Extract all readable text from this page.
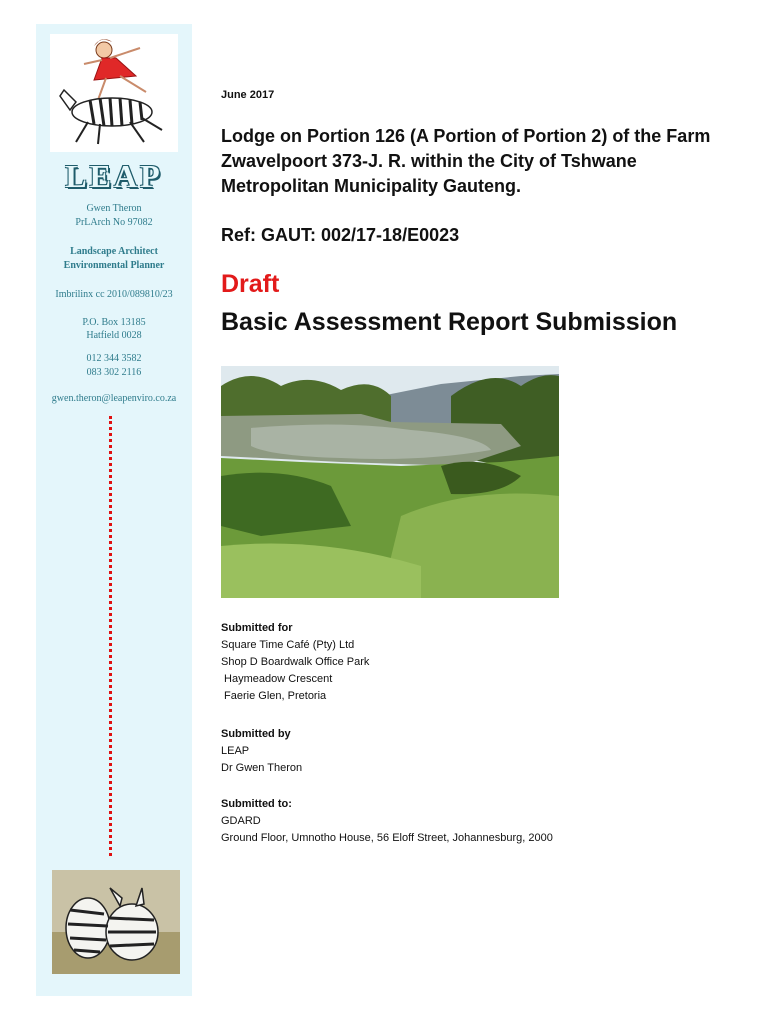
LEAP
Gwen Theron
PrLArch No 97082
Landscape Architect
Environmental Planner
Imbrilinx cc 2010/089810/23
P.O. Box 13185
Hatfield 0028
012 344 3582
083 302 2116
gwen.theron@leapenviro.co.za
June 2017
Lodge on Portion 126 (A Portion of Portion 2) of the Farm Zwavelpoort 373-J. R. within the City of Tshwane Metropolitan Municipality Gauteng.
Ref: GAUT: 002/17-18/E0023
Draft
Basic Assessment Report Submission
Submitted for
Square Time Café (Pty) Ltd
Shop D Boardwalk Office Park
Haymeadow Crescent
Faerie Glen, Pretoria
Submitted by
LEAP
Dr Gwen Theron
Submitted to:
GDARD
Ground Floor, Umnotho House, 56 Eloff Street, Johannesburg, 2000
